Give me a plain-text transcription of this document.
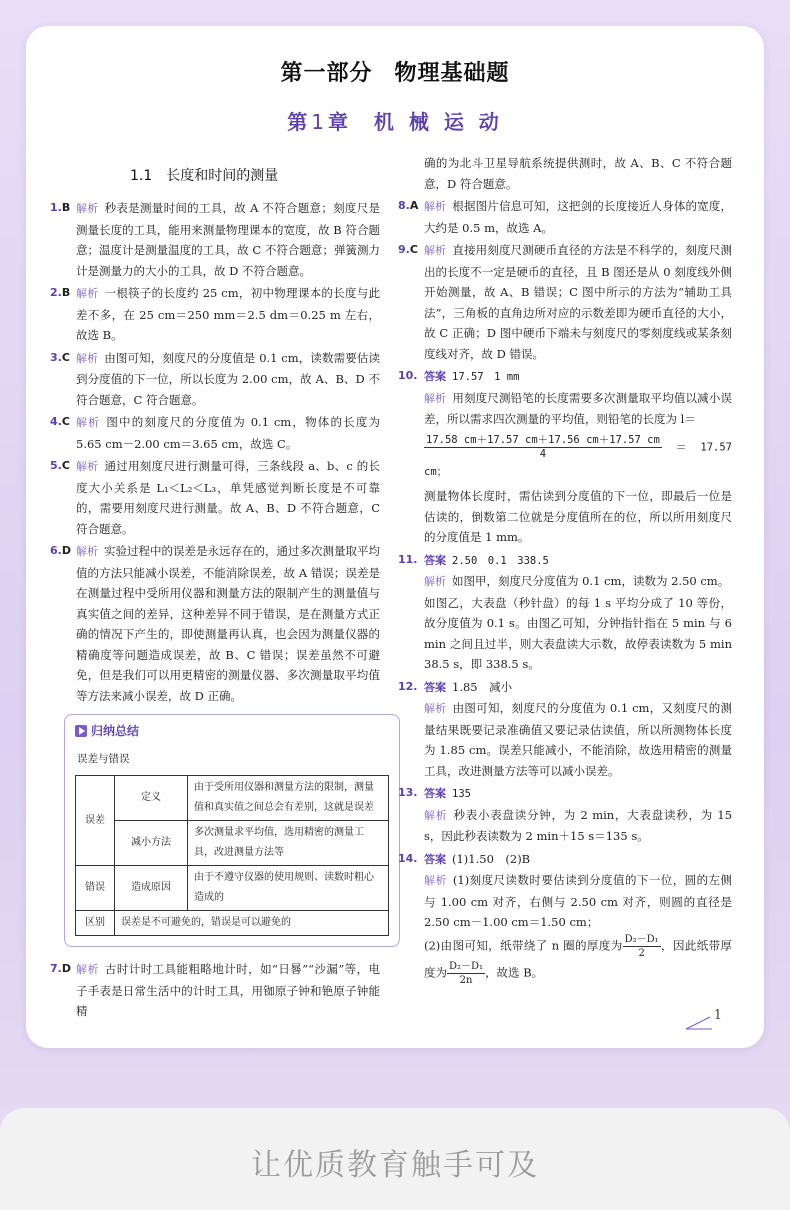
第一部分 物理基础题
第1章 机 械 运 动
1.1　长度和时间的测量
1.B 解析 秒表是测量时间的工具，故 A 不符合题意；刻度尺是测量长度的工具，能用来测量物理课本的宽度，故 B 符合题意；温度计是测量温度的工具，故 C 不符合题意；弹簧测力计是测量力的大小的工具，故 D 不符合题意。
2.B 解析 一根筷子的长度约 25 cm，初中物理课本的长度与此差不多，在 25 cm＝250 mm＝2.5 dm＝0.25 m 左右，故选 B。
3.C 解析 由图可知，刻度尺的分度值是 0.1 cm，读数需要估读到分度值的下一位，所以长度为 2.00 cm，故 A、B、D 不符合题意，C 符合题意。
4.C 解析 图中的刻度尺的分度值为 0.1 cm，物体的长度为 5.65 cm－2.00 cm＝3.65 cm，故选 C。
5.C 解析 通过用刻度尺进行测量可得，三条线段 a、b、c 的长度大小关系是 L₁＜L₂＜L₃，单凭感觉判断长度是不可靠的，需要用刻度尺进行测量。故 A、B、D 不符合题意，C 符合题意。
6.D 解析 实验过程中的误差是永远存在的，通过多次测量取平均值的方法只能减小误差，不能消除误差，故 A 错误；误差是在测量过程中受所用仪器和测量方法的限制产生的测量值与真实值之间的差异，这种差异不同于错误，是在测量方式正确的情况下产生的，即使测量再认真，也会因为测量仪器的精确度等问题造成误差，故 B、C 错误；误差虽然不可避免，但是我们可以用更精密的测量仪器、多次测量取平均值等方法来减小误差，故 D 正确。
归纳总结
误差与错误
误差	定义	由于受所用仪器和测量方法的限制，测量值和真实值之间总会有差别，这就是误差
	减小方法	多次测量求平均值，选用精密的测量工具，改进测量方法等
错误	造成原因	由于不遵守仪器的使用规则、读数时粗心造成的
区别	误差是不可避免的，错误是可以避免的	
7.D 解析 古时计时工具能粗略地计时，如“日晷”“沙漏”等，电子手表是日常生活中的计时工具，用铷原子钟和铯原子钟能精
确的为北斗卫星导航系统提供测时，故 A、B、C 不符合题意，D 符合题意。
8.A 解析 根据图片信息可知，这把剑的长度接近人身体的宽度，大约是 0.5 m，故选 A。
9.C 解析 直接用刻度尺测硬币直径的方法是不科学的，刻度尺测出的长度不一定是硬币的直径，且 B 图还是从 0 刻度线外侧开始测量，故 A、B 错误；C 图中所示的方法为“辅助工具法”，三角板的直角边所对应的示数差即为硬币直径的大小，故 C 正确；D 图中硬币下端未与刻度尺的零刻度线或某条刻度线对齐，故 D 错误。
10. 答案 17.57　1 mm
解析 用刻度尺测铅笔的长度需要多次测量取平均值以减小误差，所以需求四次测量的平均值，则铅笔的长度为 l＝
$\frac{17.58 cm+17.57 cm+17.56 cm+17.57 cm}{4} =17.57$ cm；
测量物体长度时，需估读到分度值的下一位，即最后一位是估读的，倒数第二位就是分度值所在的位，所以所用刻度尺的分度值是 1 mm。
11. 答案 2.50　0.1　338.5
解析 如图甲，刻度尺分度值为 0.1 cm，读数为 2.50 cm。
如图乙，大表盘（秒针盘）的每 1 s 平均分成了 10 等份，故分度值为 0.1 s。由图乙可知，分钟指针指在 5 min 与 6 min 之间且过半，则大表盘读大示数，故停表读数为 5 min 38.5 s，即 338.5 s。
12. 答案 1.85　减小
解析 由图可知，刻度尺的分度值为 0.1 cm，又刻度尺的测量结果既要记录准确值又要记录估读值，所以所测物体长度为 1.85 cm。误差只能减小，不能消除，故选用精密的测量工具，改进测量方法等可以减小误差。
13. 答案 135
解析 秒表小表盘读分钟，为 2 min，大表盘读秒，为 15 s，因此秒表读数为 2 min＋15 s＝135 s。
14. 答案 (1)1.50　(2)B
解析 (1)刻度尺读数时要估读到分度值的下一位，圆的左侧与 1.00 cm 对齐，右侧与 2.50 cm 对齐，则圆的直径是 2.50 cm－1.00 cm＝1.50 cm；
(2)由图可知，纸带绕了 n 圈的厚度为 $\frac{\text{D₂－D₁}}{2}$ ，因此纸带厚度为 $\frac{\text{D₂－D₁}}{2n}$ ，故选 B。
1
让优质教育触手可及
